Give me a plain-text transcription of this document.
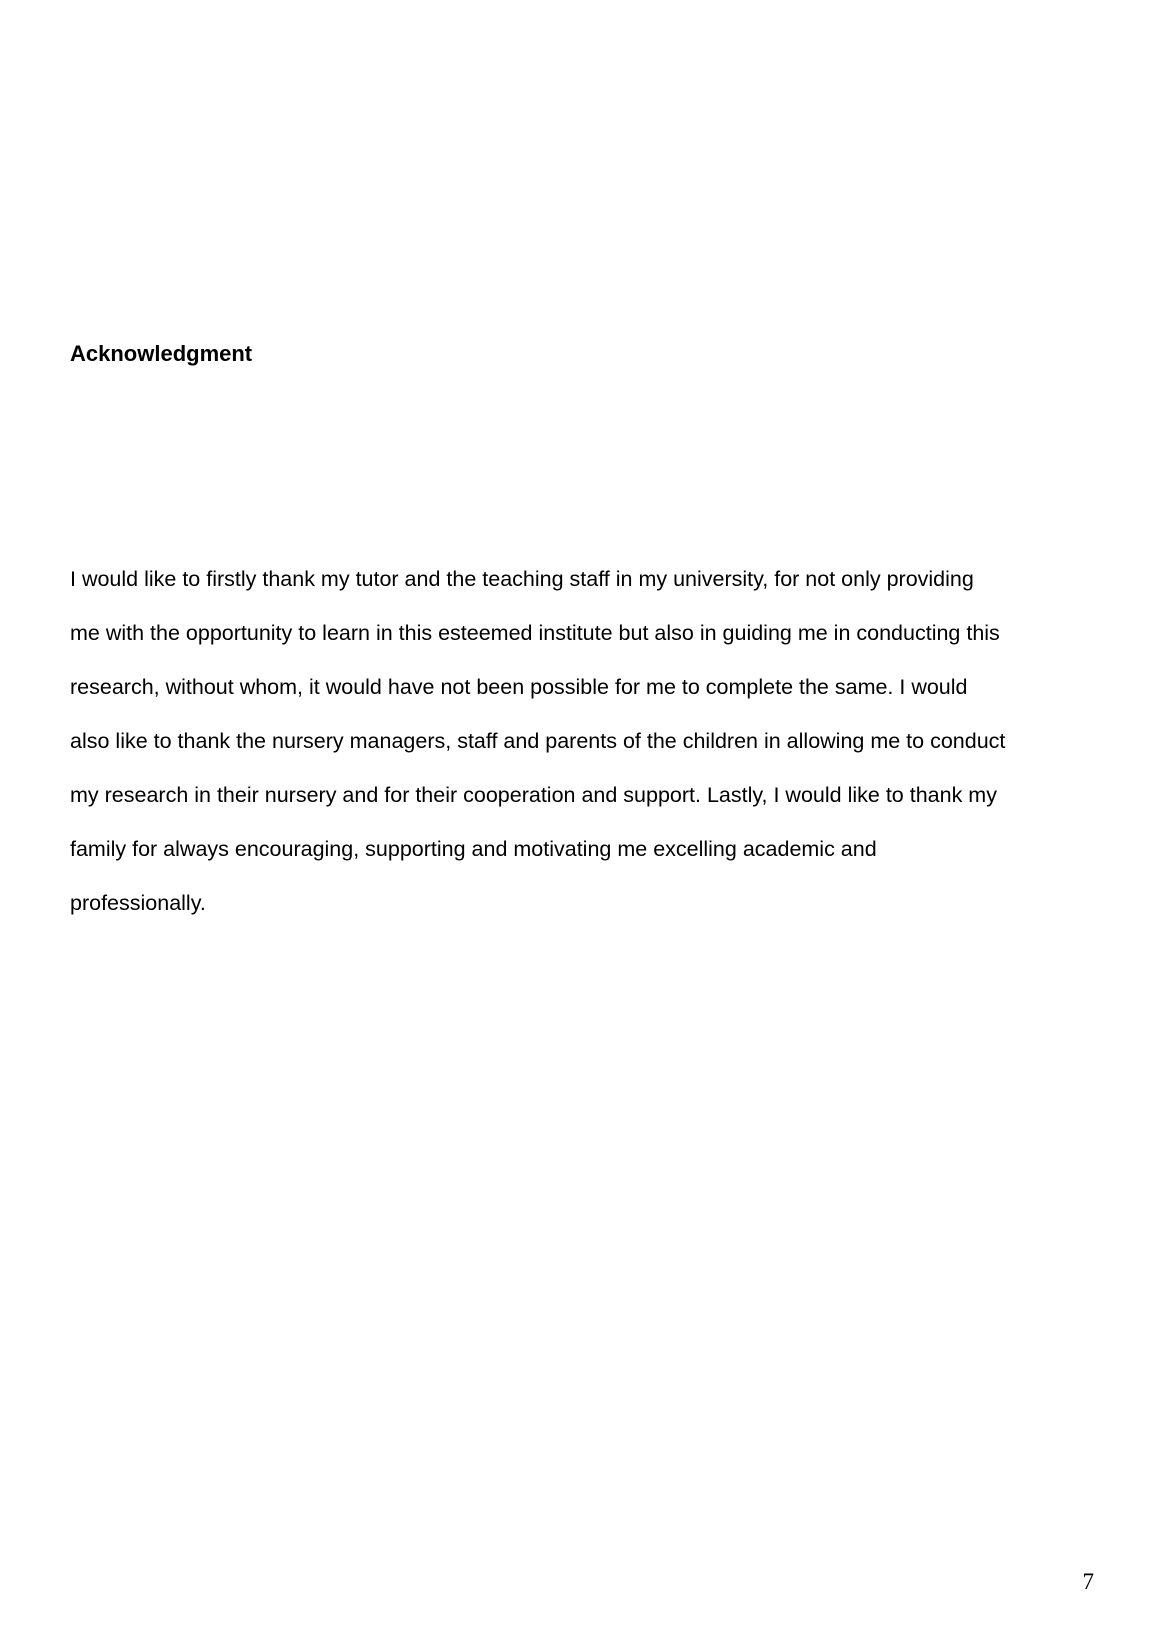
Acknowledgment
I would like to firstly thank my tutor and the teaching staff in my university, for not only providing
me with the opportunity to learn in this esteemed institute but also in guiding me in conducting this
research, without whom, it would have not been possible for me to complete the same. I would
also like to thank the nursery managers, staff and parents of the children in allowing me to conduct
my research in their nursery and for their cooperation and support. Lastly, I would like to thank my
family for always encouraging, supporting and motivating me excelling academic and
professionally.
7
